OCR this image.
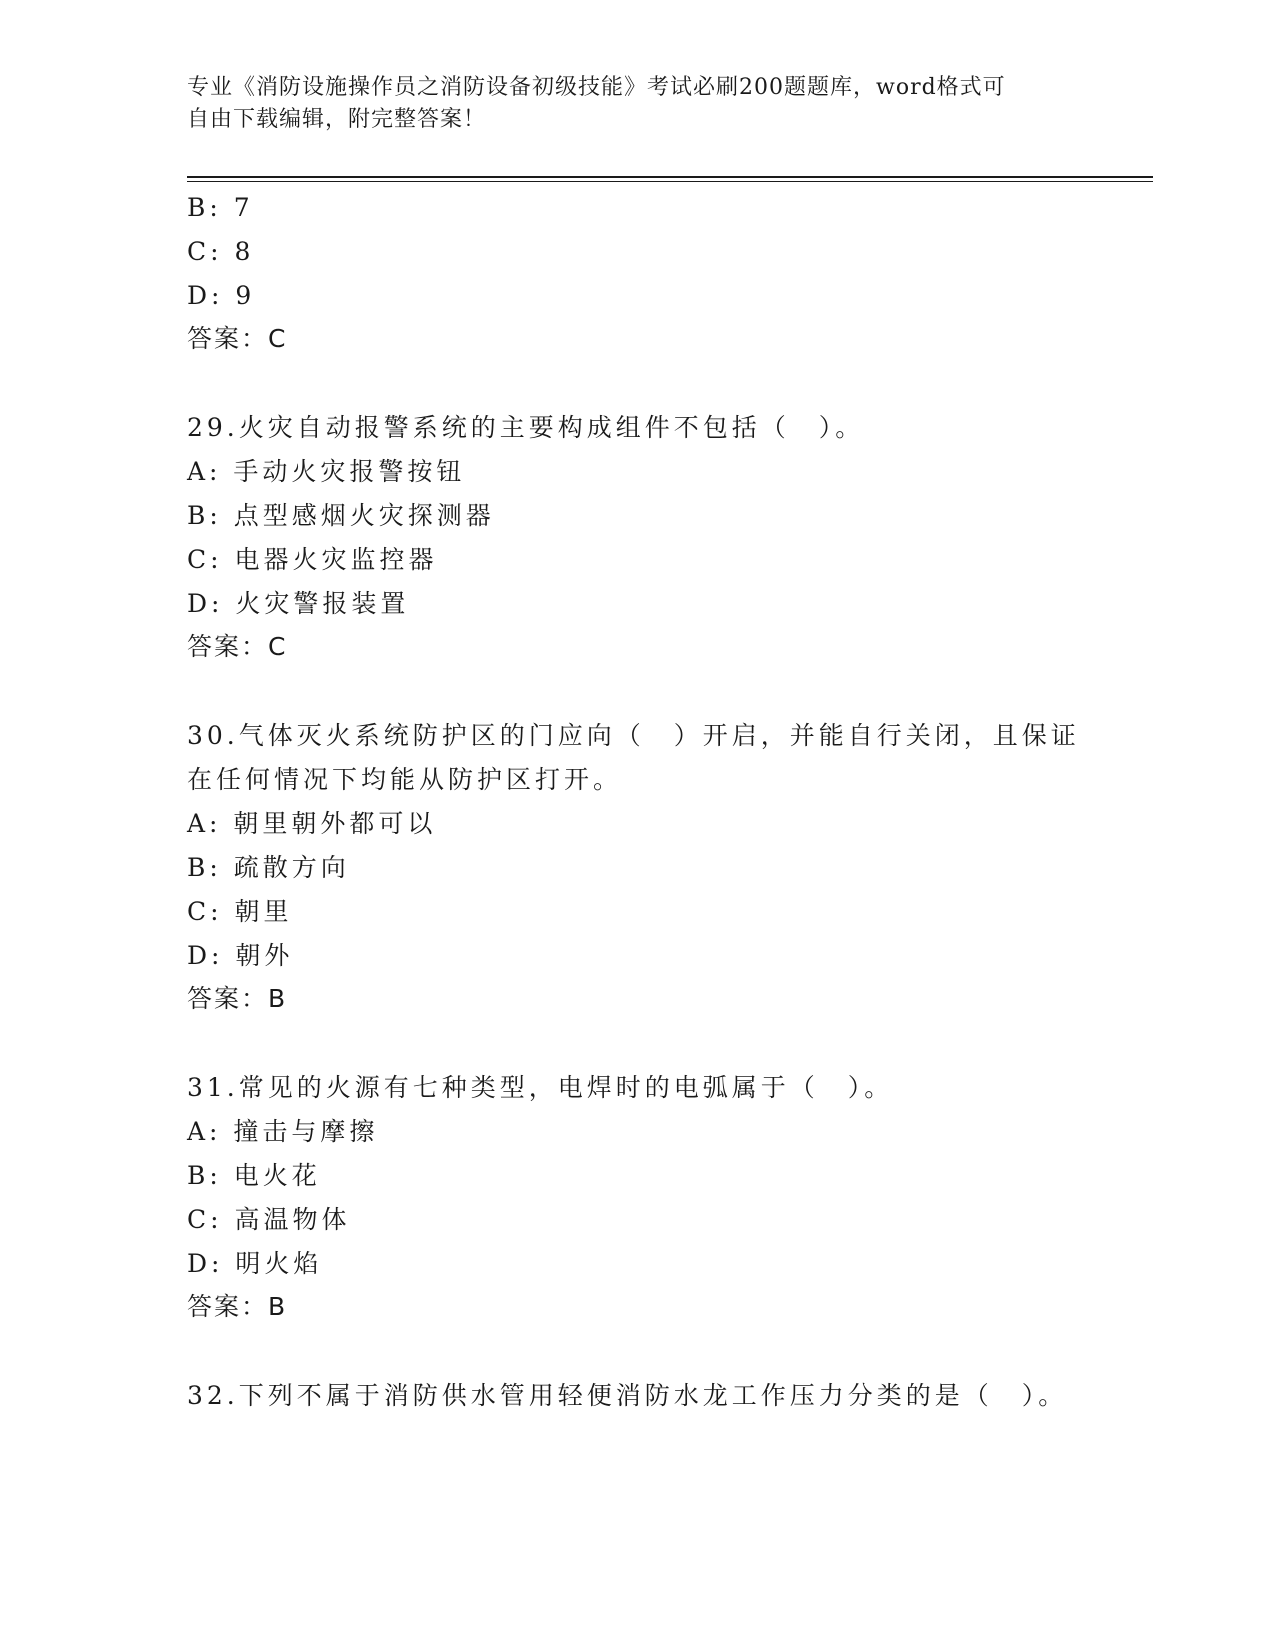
专业《消防设施操作员之消防设备初级技能》考试必刷200题题库，word格式可
自由下载编辑，附完整答案！
B: 7
C: 8
D: 9
答案：C
29.火灾自动报警系统的主要构成组件不包括（　）。
A: 手动火灾报警按钮
B: 点型感烟火灾探测器
C: 电器火灾监控器
D: 火灾警报装置
答案：C
30.气体灭火系统防护区的门应向（　）开启，并能自行关闭，且保证
在任何情况下均能从防护区打开。
A: 朝里朝外都可以
B: 疏散方向
C: 朝里
D: 朝外
答案：B
31.常见的火源有七种类型，电焊时的电弧属于（　）。
A: 撞击与摩擦
B: 电火花
C: 高温物体
D: 明火焰
答案：B
32.下列不属于消防供水管用轻便消防水龙工作压力分类的是（　）。
